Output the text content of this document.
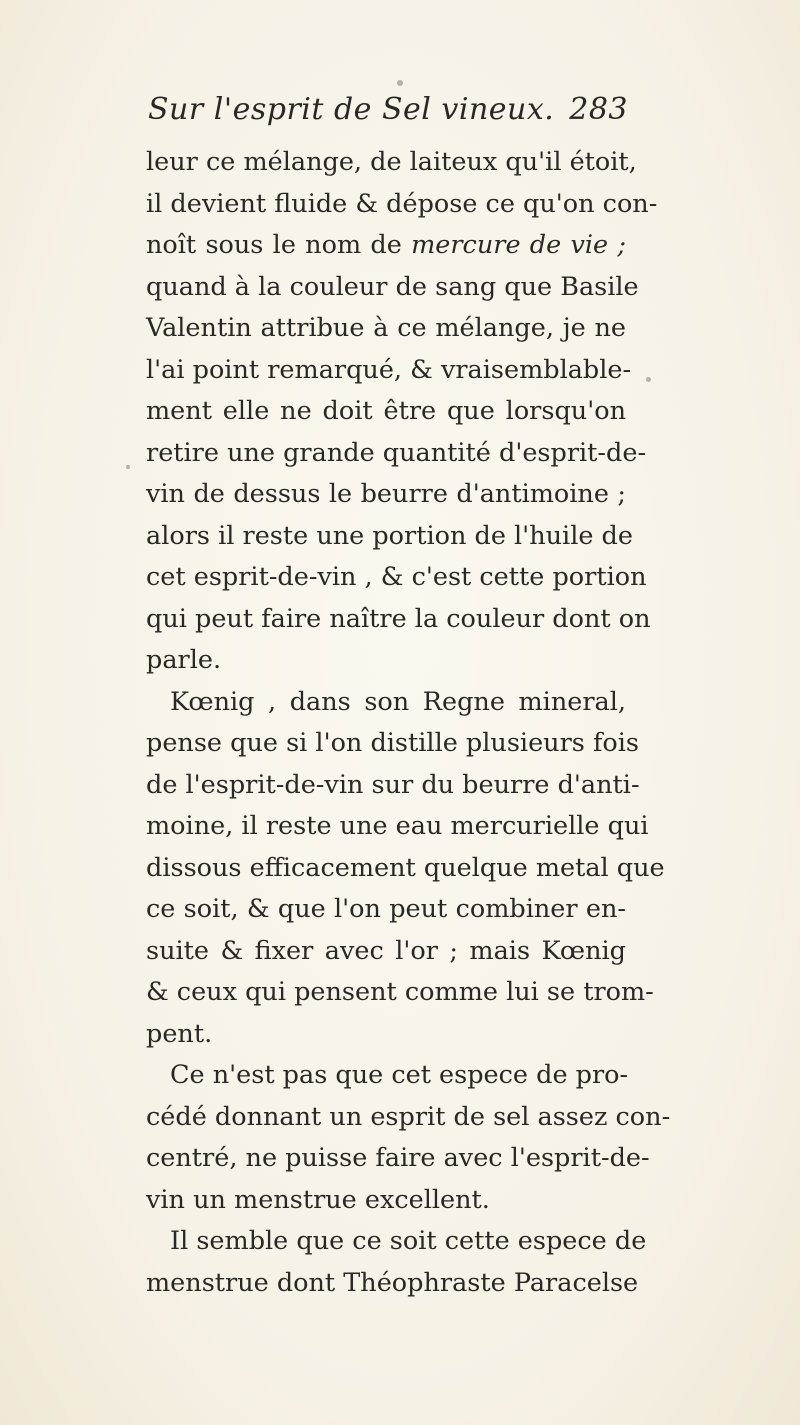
Sur l'esprit de Sel vineux. 283
leur ce mélange, de laiteux qu'il étoit,
il devient fluide & dépose ce qu'on con-
noît sous le nom de mercure de vie ;
quand à la couleur de sang que Basile
Valentin attribue à ce mélange, je ne
l'ai point remarqué, & vraisemblable-
ment elle ne doit être que lorsqu'on
retire une grande quantité d'esprit-de-
vin de dessus le beurre d'antimoine ;
alors il reste une portion de l'huile de
cet esprit-de-vin , & c'est cette portion
qui peut faire naître la couleur dont on
parle.
Kœnig , dans son Regne mineral,
pense que si l'on distille plusieurs fois
de l'esprit-de-vin sur du beurre d'anti-
moine, il reste une eau mercurielle qui
dissous efficacement quelque metal que
ce soit, & que l'on peut combiner en-
suite & fixer avec l'or ; mais Kœnig
& ceux qui pensent comme lui se trom-
pent.
Ce n'est pas que cet espece de pro-
cédé donnant un esprit de sel assez con-
centré, ne puisse faire avec l'esprit-de-
vin un menstrue excellent.
Il semble que ce soit cette espece de
menstrue dont Théophraste Paracelse
